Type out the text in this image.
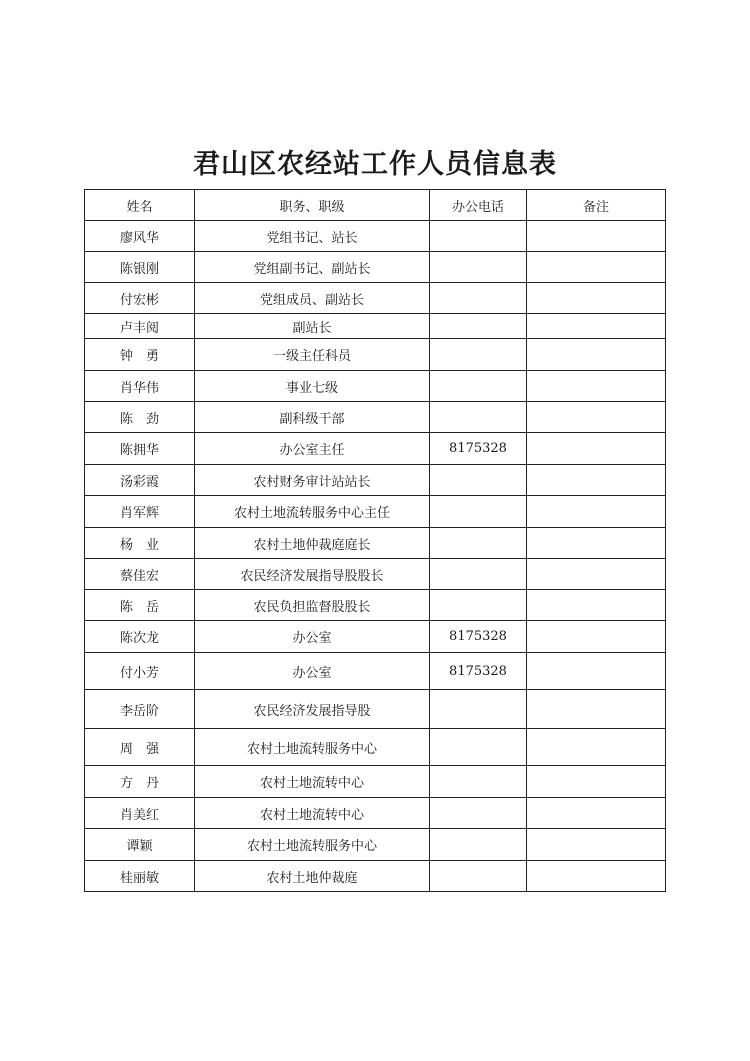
君山区农经站工作人员信息表
姓名	职务、职级	办公电话	备注
廖风华	党组书记、站长		
陈银刚	党组副书记、副站长		
付宏彬	党组成员、副站长		
卢丰阅	副站长		
钟　勇	一级主任科员		
肖华伟	事业七级		
陈　劲	副科级干部		
陈拥华	办公室主任	8175328	
汤彩霞	农村财务审计站站长		
肖军辉	农村土地流转服务中心主任		
杨　业	农村土地仲裁庭庭长		
蔡佳宏	农民经济发展指导股股长		
陈　岳	农民负担监督股股长		
陈次龙	办公室	8175328	
付小芳	办公室	8175328	
李岳阶	农民经济发展指导股		
周　强	农村土地流转服务中心		
方　丹	农村土地流转中心		
肖美红	农村土地流转中心		
谭颖	农村土地流转服务中心		
桂丽敏	农村土地仲裁庭		
